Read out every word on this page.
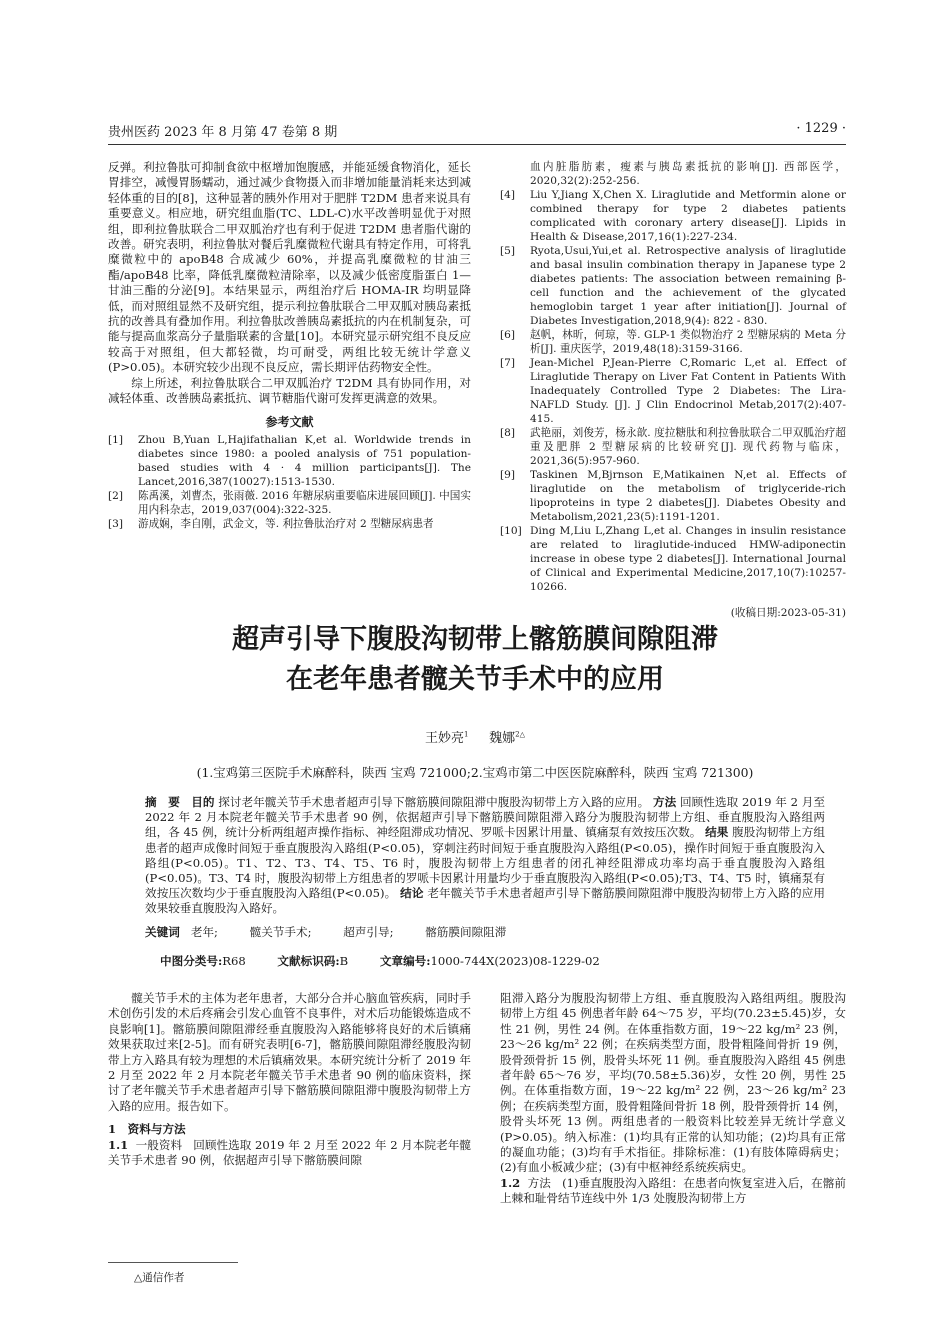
贵州医药 2023 年 8 月第 47 卷第 8 期	· 1229 ·

反弹。利拉鲁肽可抑制食欲中枢增加饱腹感，并能延缓食物消化，延长胃排空，减慢胃肠蠕动，通过减少食物摄入而非增加能量消耗来达到减轻体重的目的[8]，这种显著的胰外作用对于肥胖 T2DM 患者来说具有重要意义。相应地，研究组血脂(TC、LDL-C)水平改善明显优于对照组，即利拉鲁肽联合二甲双胍治疗也有利于促进 T2DM 患者脂代谢的改善。研究表明，利拉鲁肽对餐后乳糜微粒代谢具有特定作用，可将乳糜微粒中的 apoB48 合成减少 60%，并提高乳糜微粒的甘油三酯/apoB48 比率，降低乳糜微粒清除率，以及减少低密度脂蛋白 1—甘油三酯的分泌[9]。本结果显示，两组治疗后 HOMA-IR 均明显降低，而对照组显然不及研究组，提示利拉鲁肽联合二甲双胍对胰岛素抵抗的改善具有叠加作用。利拉鲁肽改善胰岛素抵抗的内在机制复杂，可能与提高血浆高分子量脂联素的含量[10]。本研究显示研究组不良反应较高于对照组，但大都轻微，均可耐受，两组比较无统计学意义(P>0.05)。本研究较少出现不良反应，需长期评估药物安全性。

综上所述，利拉鲁肽联合二甲双胍治疗 T2DM 具有协同作用，对减轻体重、改善胰岛素抵抗、调节糖脂代谢可发挥更满意的效果。

参考文献
[1] Zhou B,Yuan L,Hajifathalian K,et al. Worldwide trends in diabetes since 1980: a pooled analysis of 751 population-based studies with 4 · 4 million participants[J]. The Lancet,2016,387(10027):1513-1530.
[2] 陈禹溪，刘曹杰，张雨薇. 2016 年糖尿病重要临床进展回顾[J]. 中国实用内科杂志，2019,037(004):322-325.
[3] 游成娴，李自刚，武金文，等. 利拉鲁肽治疗对 2 型糖尿病患者
血内脏脂肪素，瘦素与胰岛素抵抗的影响[J]. 西部医学，2020,32(2):252-256.
[4] Liu Y,Jiang X,Chen X. Liraglutide and Metformin alone or combined therapy for type 2 diabetes patients complicated with coronary artery disease[J]. Lipids in Health & Disease,2017,16(1):227-234.
[5] Ryota,Usui,Yui,et al. Retrospective analysis of liraglutide and basal insulin combination therapy in Japanese type 2 diabetes patients: The association between remaining β-cell function and the achievement of the glycated hemoglobin target 1 year after initiation[J]. Journal of Diabetes Investigation,2018,9(4): 822 - 830.
[6] 赵帆，林昕，何琼，等. GLP-1 类似物治疗 2 型糖尿病的 Meta 分析[J]. 重庆医学，2019,48(18):3159-3166.
[7] Jean-Michel P,Jean-Pierre C,Romaric L,et al. Effect of Liraglutide Therapy on Liver Fat Content in Patients With Inadequately Controlled Type 2 Diabetes: The Lira-NAFLD Study. [J]. J Clin Endocrinol Metab,2017(2):407-415.
[8] 武艳丽，刘俊芳，杨永歆. 度拉糖肽和利拉鲁肽联合二甲双胍治疗超重及肥胖 2 型糖尿病的比较研究[J]. 现代药物与临床，2021,36(5):957-960.
[9] Taskinen M,Bjrnson E,Matikainen N,et al. Effects of liraglutide on the metabolism of triglyceride-rich lipoproteins in type 2 diabetes[J]. Diabetes Obesity and Metabolism,2021,23(5):1191-1201.
[10] Ding M,Liu L,Zhang L,et al. Changes in insulin resistance are related to liraglutide-induced HMW-adiponectin increase in obese type 2 diabetes[J]. International Journal of Clinical and Experimental Medicine,2017,10(7):10257-10266.
(收稿日期:2023-05-31)
超声引导下腹股沟韧带上髂筋膜间隙阻滞
在老年患者髋关节手术中的应用
王妙亮$^1$ 魏娜$^{2\triangle}$
(1.宝鸡第三医院手术麻醉科，陕西 宝鸡 721000;2.宝鸡市第二中医医院麻醉科，陕西 宝鸡 721300)
摘　要 目的 探讨老年髋关节手术患者超声引导下髂筋膜间隙阻滞中腹股沟韧带上方入路的应用。 方法 回顾性选取 2019 年 2 月至 2022 年 2 月本院老年髋关节手术患者 90 例，依据超声引导下髂筋膜间隙阻滞入路分为腹股沟韧带上方组、垂直腹股沟入路组两组，各 45 例，统计分析两组超声操作指标、神经阻滞成功情况、罗哌卡因累计用量、镇痛泵有效按压次数。 结果 腹股沟韧带上方组患者的超声成像时间短于垂直腹股沟入路组(P<0.05)，穿刺注药时间短于垂直腹股沟入路组(P<0.05)，操作时间短于垂直腹股沟入路组(P<0.05)。T1、T2、T3、T4、T5、T6 时，腹股沟韧带上方组患者的闭孔神经阻滞成功率均高于垂直腹股沟入路组(P<0.05)。T3、T4 时，腹股沟韧带上方组患者的罗哌卡因累计用量均少于垂直腹股沟入路组(P<0.05);T3、T4、T5 时，镇痛泵有效按压次数均少于垂直腹股沟入路组(P<0.05)。 结论 老年髋关节手术患者超声引导下髂筋膜间隙阻滞中腹股沟韧带上方入路的应用效果较垂直腹股沟入路好。
关键词 老年;	髋关节手术;	超声引导;	髂筋膜间隙阻滞
中图分类号:R68	文献标识码:B	文章编号:1000-744X(2023)08-1229-02

髋关节手术的主体为老年患者，大部分合并心脑血管疾病，同时手术创伤引发的术后疼痛会引发心血管不良事件，对术后功能锻炼造成不良影响[1]。髂筋膜间隙阻滞经垂直腹股沟入路能够将良好的术后镇痛效果获取过来[2-5]。而有研究表明[6-7]，髂筋膜间隙阻滞经腹股沟韧带上方入路具有较为理想的术后镇痛效果。本研究统计分析了 2019 年 2 月至 2022 年 2 月本院老年髋关节手术患者 90 例的临床资料，探讨了老年髋关节手术患者超声引导下髂筋膜间隙阻滞中腹股沟韧带上方入路的应用。报告如下。

1　资料与方法

1.1 一般资料 回顾性选取 2019 年 2 月至 2022 年 2 月本院老年髋关节手术患者 90 例，依据超声引导下髂筋膜间隙

阻滞入路分为腹股沟韧带上方组、垂直腹股沟入路组两组。腹股沟韧带上方组 45 例患者年龄 64～75 岁，平均(70.23±5.45)岁，女性 21 例，男性 24 例。在体重指数方面，19～22 kg/m² 23 例，23～26 kg/m² 22 例；在疾病类型方面，股骨粗隆间骨折 19 例，股骨颈骨折 15 例，股骨头坏死 11 例。垂直腹股沟入路组 45 例患者年龄 65～76 岁，平均(70.58±5.36)岁，女性 20 例，男性 25 例。在体重指数方面，19～22 kg/m² 22 例，23～26 kg/m² 23 例；在疾病类型方面，股骨粗隆间骨折 18 例，股骨颈骨折 14 例，股骨头坏死 13 例。两组患者的一般资料比较差异无统计学意义(P>0.05)。纳入标准：(1)均具有正常的认知功能；(2)均具有正常的凝血功能；(3)均有手术指征。排除标准：(1)有肢体障碍病史；(2)有血小板减少症；(3)有中枢神经系统疾病史。

1.2 方法 (1)垂直腹股沟入路组：在患者向恢复室进入后，在髂前上棘和耻骨结节连线中外 1/3 处腹股沟韧带上方

△通信作者
